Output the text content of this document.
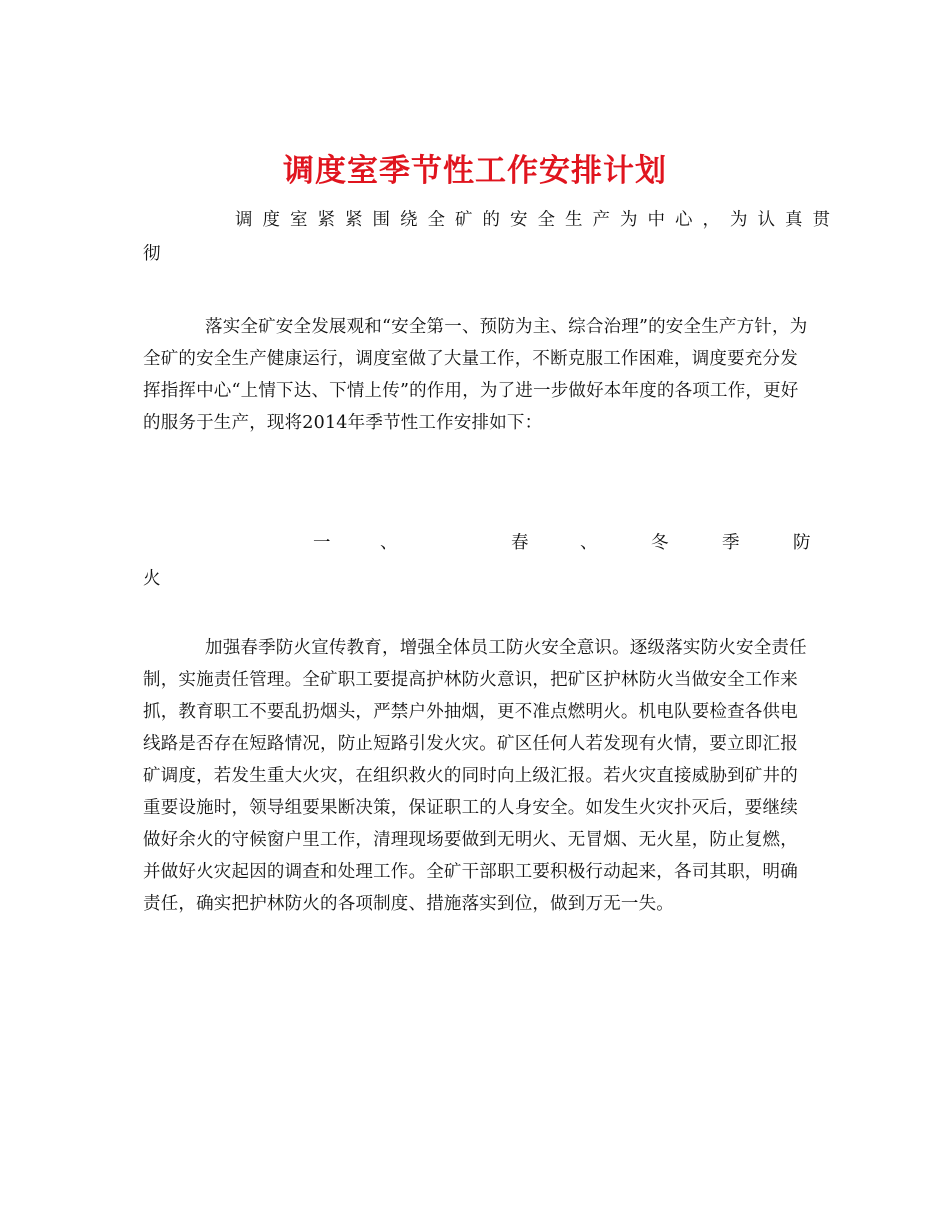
调度室季节性工作安排计划
调度室紧紧围绕全矿的安全生产为中心，为认真贯
彻

落实全矿安全发展观和“安全第一、预防为主、综合治理”的安全生产方针，为全矿的安全生产健康运行，调度室做了大量工作，不断克服工作困难，调度要充分发挥指挥中心“上情下达、下情上传”的作用，为了进一步做好本年度的各项工作，更好的服务于生产，现将2014年季节性工作安排如下：

一	、	春	、	冬	季	防
火

加强春季防火宣传教育，增强全体员工防火安全意识。逐级落实防火安全责任制，实施责任管理。全矿职工要提高护林防火意识，把矿区护林防火当做安全工作来抓，教育职工不要乱扔烟头，严禁户外抽烟，更不准点燃明火。机电队要检查各供电线路是否存在短路情况，防止短路引发火灾。矿区任何人若发现有火情，要立即汇报矿调度，若发生重大火灾，在组织救火的同时向上级汇报。若火灾直接威胁到矿井的重要设施时，领导组要果断决策，保证职工的人身安全。如发生火灾扑灭后，要继续做好余火的守候窗户里工作，清理现场要做到无明火、无冒烟、无火星，防止复燃，并做好火灾起因的调查和处理工作。全矿干部职工要积极行动起来，各司其职，明确责任，确实把护林防火的各项制度、措施落实到位，做到万无一失。
